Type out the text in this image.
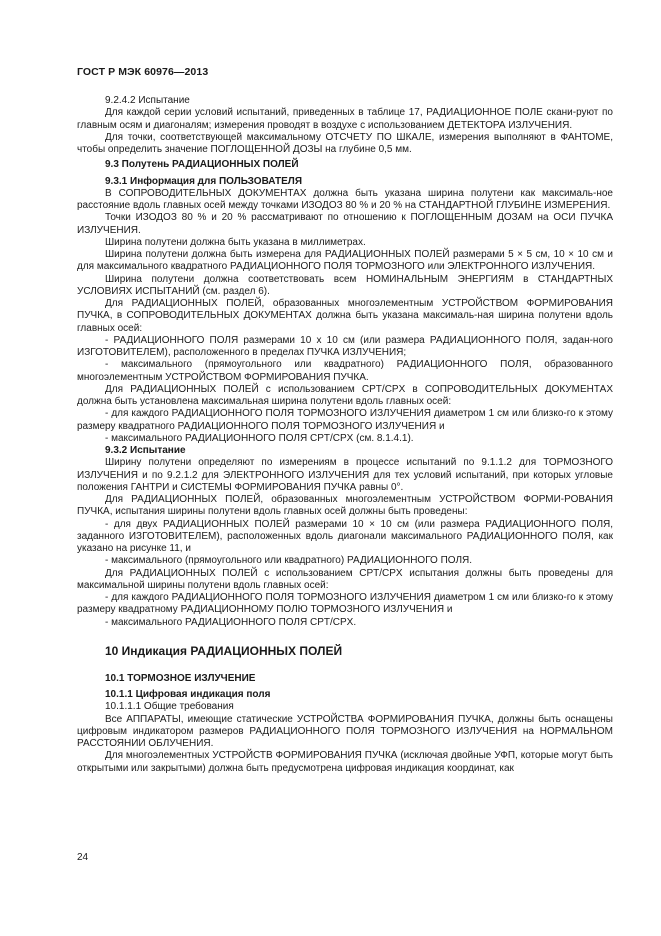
ГОСТ Р МЭК 60976—2013

9.2.4.2 Испытание

Для каждой серии условий испытаний, приведенных в таблице 17, РАДИАЦИОННОЕ ПОЛЕ скани-руют по главным осям и диагоналям; измерения проводят в воздухе с использованием ДЕТЕКТОРА ИЗЛУЧЕНИЯ.

Для точки, соответствующей максимальному ОТСЧЕТУ ПО ШКАЛЕ, измерения выполняют в ФАНТОМЕ, чтобы определить значение ПОГЛОЩЕННОЙ ДОЗЫ на глубине 0,5 мм.

9.3 Полутень РАДИАЦИОННЫХ ПОЛЕЙ

9.3.1 Информация для ПОЛЬЗОВАТЕЛЯ

В СОПРОВОДИТЕЛЬНЫХ ДОКУМЕНТАХ должна быть указана ширина полутени как максималь-ное расстояние вдоль главных осей между точками ИЗОДОЗ 80 % и 20 % на СТАНДАРТНОЙ ГЛУБИНЕ ИЗМЕРЕНИЯ.

Точки ИЗОДОЗ 80 % и 20 % рассматривают по отношению к ПОГЛОЩЕННЫМ ДОЗАМ на ОСИ ПУЧКА ИЗЛУЧЕНИЯ.

Ширина полутени должна быть указана в миллиметрах.

Ширина полутени должна быть измерена для РАДИАЦИОННЫХ ПОЛЕЙ размерами 5 × 5 см, 10 × 10 см и для максимального квадратного РАДИАЦИОННОГО ПОЛЯ ТОРМОЗНОГО или ЭЛЕКТРОННОГО ИЗЛУЧЕНИЯ.

Ширина полутени должна соответствовать всем НОМИНАЛЬНЫМ ЭНЕРГИЯМ в СТАНДАРТНЫХ УСЛОВИЯХ ИСПЫТАНИЙ (см. раздел 6).

Для РАДИАЦИОННЫХ ПОЛЕЙ, образованных многоэлементным УСТРОЙСТВОМ ФОРМИРОВАНИЯ ПУЧКА, в СОПРОВОДИТЕЛЬНЫХ ДОКУМЕНТАХ должна быть указана максималь-ная ширина полутени вдоль главных осей:

- РАДИАЦИОННОГО ПОЛЯ размерами 10 х 10 см (или размера РАДИАЦИОННОГО ПОЛЯ, задан-ного ИЗГОТОВИТЕЛЕМ), расположенного в пределах ПУЧКА ИЗЛУЧЕНИЯ;

- максимального (прямоугольного или квадратного) РАДИАЦИОННОГО ПОЛЯ, образованного многоэлементным УСТРОЙСТВОМ ФОРМИРОВАНИЯ ПУЧКА.

Для РАДИАЦИОННЫХ ПОЛЕЙ с использованием CPT/CPX в СОПРОВОДИТЕЛЬНЫХ ДОКУМЕНТАХ должна быть установлена максимальная ширина полутени вдоль главных осей:

- для каждого РАДИАЦИОННОГО ПОЛЯ ТОРМОЗНОГО ИЗЛУЧЕНИЯ диаметром 1 см или близко-го к этому размеру квадратного РАДИАЦИОННОГО ПОЛЯ ТОРМОЗНОГО ИЗЛУЧЕНИЯ и

- максимального РАДИАЦИОННОГО ПОЛЯ CPT/CPX (см. 8.1.4.1).

9.3.2 Испытание

Ширину полутени определяют по измерениям в процессе испытаний по 9.1.1.2 для ТОРМОЗНОГО ИЗЛУЧЕНИЯ и по 9.2.1.2 для ЭЛЕКТРОННОГО ИЗЛУЧЕНИЯ для тех условий испытаний, при которых угловые положения ГАНТРИ и СИСТЕМЫ ФОРМИРОВАНИЯ ПУЧКА равны 0°.

Для РАДИАЦИОННЫХ ПОЛЕЙ, образованных многоэлементным УСТРОЙСТВОМ ФОРМИ-РОВАНИЯ ПУЧКА, испытания ширины полутени вдоль главных осей должны быть проведены:

- для двух РАДИАЦИОННЫХ ПОЛЕЙ размерами 10 × 10 см (или размера РАДИАЦИОННОГО ПОЛЯ, заданного ИЗГОТОВИТЕЛЕМ), расположенных вдоль диагонали максимального РАДИАЦИОННОГО ПОЛЯ, как указано на рисунке 11, и

- максимального (прямоугольного или квадратного) РАДИАЦИОННОГО ПОЛЯ.

Для РАДИАЦИОННЫХ ПОЛЕЙ с использованием CPT/CPX испытания должны быть проведены для максимальной ширины полутени вдоль главных осей:

- для каждого РАДИАЦИОННОГО ПОЛЯ ТОРМОЗНОГО ИЗЛУЧЕНИЯ диаметром 1 см или близко-го к этому размеру квадратному РАДИАЦИОННОМУ ПОЛЮ ТОРМОЗНОГО ИЗЛУЧЕНИЯ и

- максимального РАДИАЦИОННОГО ПОЛЯ CPT/CPX.

10 Индикация РАДИАЦИОННЫХ ПОЛЕЙ

10.1 ТОРМОЗНОЕ ИЗЛУЧЕНИЕ

10.1.1 Цифровая индикация поля

10.1.1.1 Общие требования

Все АППАРАТЫ, имеющие статические УСТРОЙСТВА ФОРМИРОВАНИЯ ПУЧКА, должны быть оснащены цифровым индикатором размеров РАДИАЦИОННОГО ПОЛЯ ТОРМОЗНОГО ИЗЛУЧЕНИЯ на НОРМАЛЬНОМ РАССТОЯНИИ ОБЛУЧЕНИЯ.

Для многоэлементных УСТРОЙСТВ ФОРМИРОВАНИЯ ПУЧКА (исключая двойные УФП, которые могут быть открытыми или закрытыми) должна быть предусмотрена цифровая индикация координат, как

24
